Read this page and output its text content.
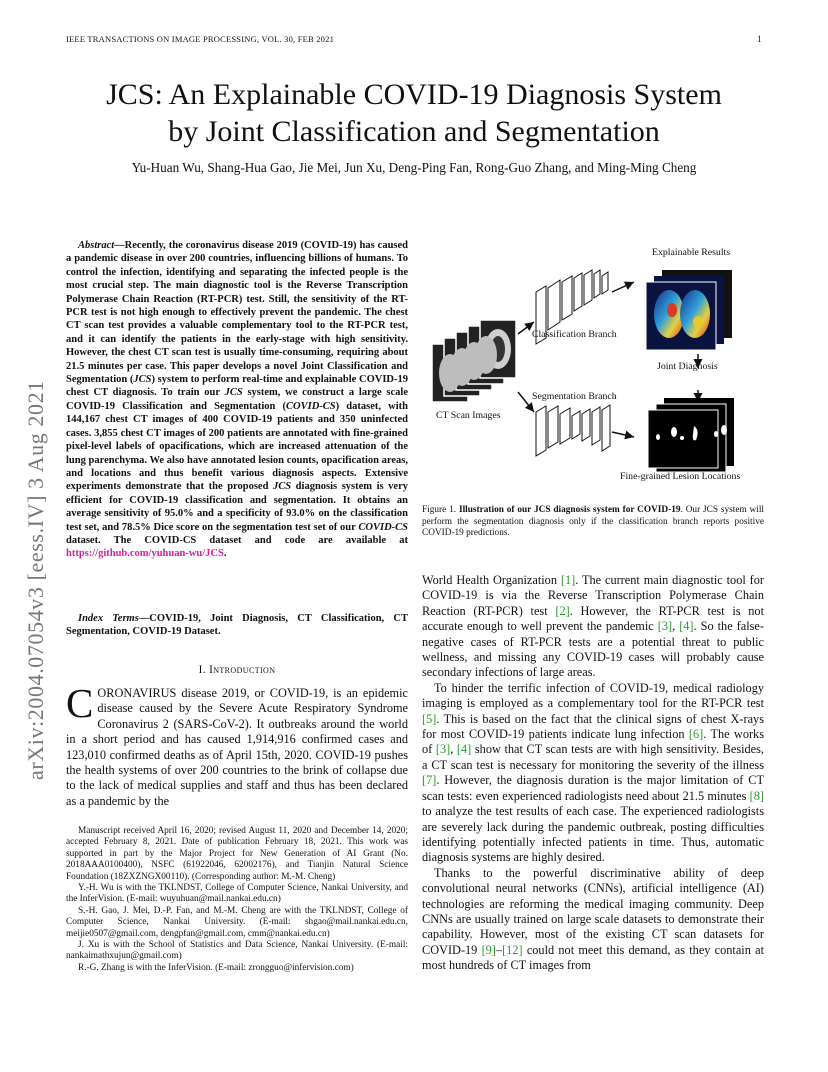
IEEE TRANSACTIONS ON IMAGE PROCESSING, VOL. 30, FEB 2021	1
JCS: An Explainable COVID-19 Diagnosis System
by Joint Classification and Segmentation
Yu-Huan Wu, Shang-Hua Gao, Jie Mei, Jun Xu, Deng-Ping Fan, Rong-Guo Zhang, and Ming-Ming Cheng
arXiv:2004.07054v3 [eess.IV] 3 Aug 2021
Abstract—Recently, the coronavirus disease 2019 (COVID-19) has caused a pandemic disease in over 200 countries, influencing billions of humans. To control the infection, identifying and separating the infected people is the most crucial step. The main diagnostic tool is the Reverse Transcription Polymerase Chain Reaction (RT-PCR) test. Still, the sensitivity of the RT-PCR test is not high enough to effectively prevent the pandemic. The chest CT scan test provides a valuable complementary tool to the RT-PCR test, and it can identify the patients in the early-stage with high sensitivity. However, the chest CT scan test is usually time-consuming, requiring about 21.5 minutes per case. This paper develops a novel Joint Classification and Segmentation (JCS) system to perform real-time and explainable COVID-19 chest CT diagnosis. To train our JCS system, we construct a large scale COVID-19 Classification and Segmentation (COVID-CS) dataset, with 144,167 chest CT images of 400 COVID-19 patients and 350 uninfected cases. 3,855 chest CT images of 200 patients are annotated with fine-grained pixel-level labels of opacifications, which are increased attenuation of the lung parenchyma. We also have annotated lesion counts, opacification areas, and locations and thus benefit various diagnosis aspects. Extensive experiments demonstrate that the proposed JCS diagnosis system is very efficient for COVID-19 classification and segmentation. It obtains an average sensitivity of 95.0% and a specificity of 93.0% on the classification test set, and 78.5% Dice score on the segmentation test set of our COVID-CS dataset. The COVID-CS dataset and code are available at https://github.com/yuhuan-wu/JCS.
Index Terms—COVID-19, Joint Diagnosis, CT Classification, CT Segmentation, COVID-19 Dataset.
I. Introduction
CORONAVIRUS disease 2019, or COVID-19, is an epidemic disease caused by the Severe Acute Respiratory Syndrome Coronavirus 2 (SARS-CoV-2). It outbreaks around the world in a short period and has caused 1,914,916 confirmed cases and 123,010 confirmed deaths as of April 15th, 2020. COVID-19 pushes the health systems of over 200 countries to the brink of collapse due to the lack of medical supplies and staff and thus has been declared as a pandemic by the

Manuscript received April 16, 2020; revised August 11, 2020 and December 14, 2020; accepted February 8, 2021. Date of publication February 18, 2021. This work was supported in part by the Major Project for New Generation of AI Grant (No. 2018AAA0100400), NSFC (61922046, 62002176), and Tianjin Natural Science Foundation (18ZXZNGX00110). (Corresponding author: M.-M. Cheng)

Y.-H. Wu is with the TKLNDST, College of Computer Science, Nankai University, and the InferVision. (E-mail: wuyuhuan@mail.nankai.edu.cn)

S.-H. Gao, J. Mei, D.-P. Fan, and M.-M. Cheng are with the TKLNDST, College of Computer Science, Nankai University. (E-mail: shgao@mail.nankai.edu.cn, meijie0507@gmail.com, dengpfan@gmail.com, cmm@nankai.edu.cn)

J. Xu is with the School of Statistics and Data Science, Nankai University. (E-mail: nankaimathxujun@gmail.com)

R.-G. Zhang is with the InferVision. (E-mail: zrongguo@infervision.com)

Explainable Results
Classification Branch
Joint Diagnosis
Segmentation Branch
CT Scan Images
Fine-grained Lesion Locations
Figure 1. Illustration of our JCS diagnosis system for COVID-19. Our JCS system will perform the segmentation diagnosis only if the classification branch reports positive COVID-19 predictions.

World Health Organization [1]. The current main diagnostic tool for COVID-19 is via the Reverse Transcription Polymerase Chain Reaction (RT-PCR) test [2]. However, the RT-PCR test is not accurate enough to well prevent the pandemic [3], [4]. So the false-negative cases of RT-PCR tests are a potential threat to public wellness, and missing any COVID-19 cases will probably cause secondary infections of large areas.

To hinder the terrific infection of COVID-19, medical radiology imaging is employed as a complementary tool for the RT-PCR test [5]. This is based on the fact that the clinical signs of chest X-rays for most COVID-19 patients indicate lung infection [6]. The works of [3], [4] show that CT scan tests are with high sensitivity. Besides, a CT scan test is necessary for monitoring the severity of the illness [7]. However, the diagnosis duration is the major limitation of CT scan tests: even experienced radiologists need about 21.5 minutes [8] to analyze the test results of each case. The experienced radiologists are severely lack during the pandemic outbreak, posting difficulties identifying potentially infected patients in time. Thus, automatic diagnosis systems are highly desired.

Thanks to the powerful discriminative ability of deep convolutional neural networks (CNNs), artificial intelligence (AI) technologies are reforming the medical imaging community. Deep CNNs are usually trained on large scale datasets to demonstrate their capability. However, most of the existing CT scan datasets for COVID-19 [9]–[12] could not meet this demand, as they contain at most hundreds of CT images from
